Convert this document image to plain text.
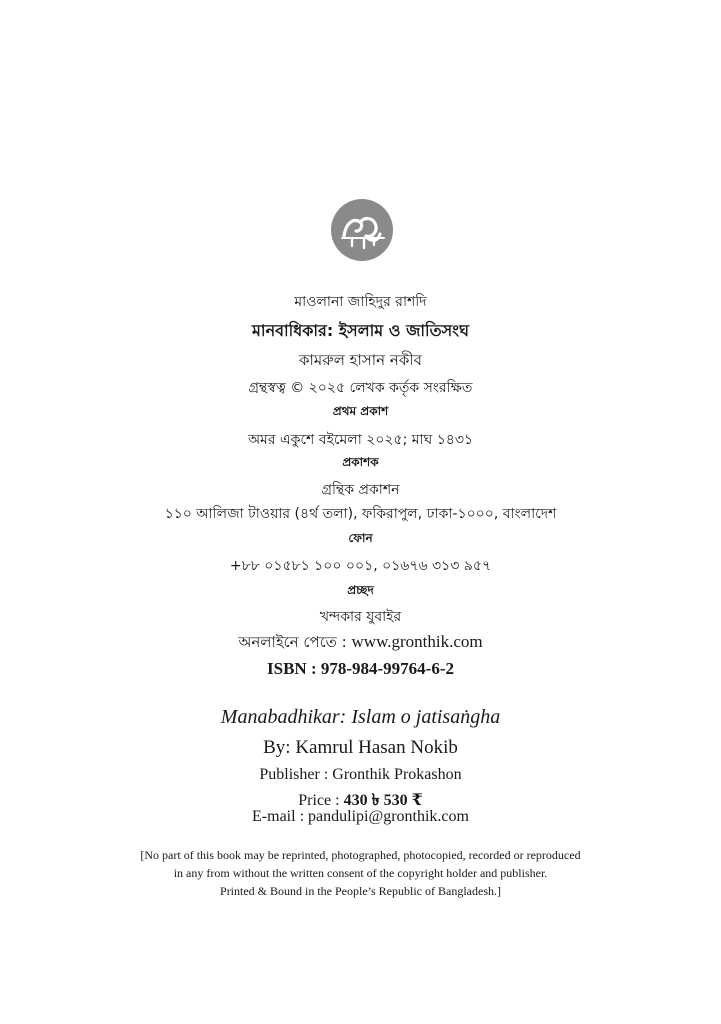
মাওলানা জাহিদুর রাশদি
মানবাধিকার: ইসলাম ও জাতিসংঘ
কামরুল হাসান নকীব
গ্রন্থস্বত্ব © ২০২৫ লেখক কর্তৃক সংরক্ষিত
প্রথম প্রকাশ
অমর একুশে বইমেলা ২০২৫; মাঘ ১৪৩১
প্রকাশক
গ্রন্থিক প্রকাশন
১১০ আলিজা টাওয়ার (৪র্থ তলা), ফকিরাপুল, ঢাকা-১০০০, বাংলাদেশ
ফোন
+৮৮ ০১৫৮১ ১০০ ০০১, ০১৬৭৬ ৩১৩ ৯৫৭
প্রচ্ছদ
খন্দকার যুবাইর
অনলাইনে পেতে : www.gronthik.com
ISBN : 978-984-99764-6-2
Manabadhikar: Islam o jatisaṅgha
By: Kamrul Hasan Nokib
Publisher : Gronthik Prokashon
Price : 430 ৳ 530 ₹
E-mail : pandulipi@gronthik.com
[No part of this book may be reprinted, photographed, photocopied, recorded or reproduced
in any from without the written consent of the copyright holder and publisher.
Printed & Bound in the People’s Republic of Bangladesh.]
